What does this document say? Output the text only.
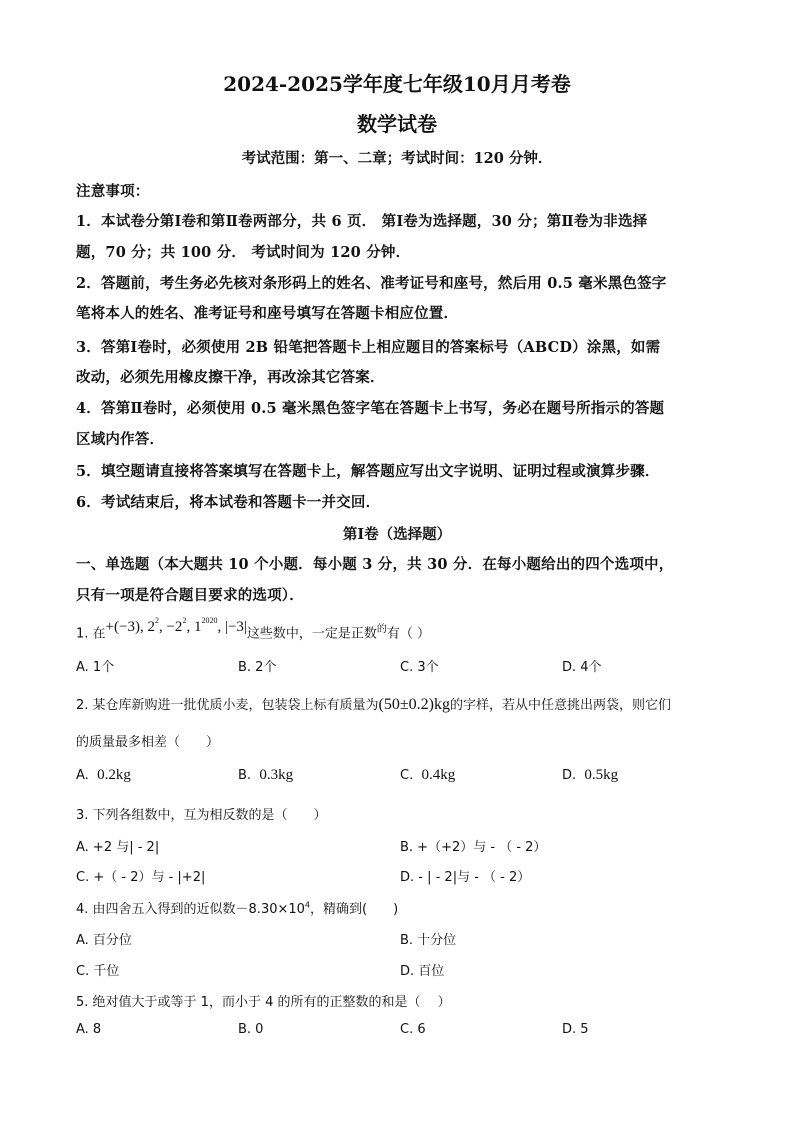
2024-2025学年度七年级10月月考卷
数学试卷
考试范围：第一、二章；考试时间：120 分钟．
注意事项：
1．本试卷分第Ⅰ卷和第Ⅱ卷两部分，共 6 页． 第Ⅰ卷为选择题，30 分；第Ⅱ卷为非选择
题，70 分；共 100 分． 考试时间为 120 分钟．
2．答题前，考生务必先核对条形码上的姓名、准考证号和座号，然后用 0.5 毫米黑色签字
笔将本人的姓名、准考证号和座号填写在答题卡相应位置．
3．答第Ⅰ卷时，必须使用 2B 铅笔把答题卡上相应题目的答案标号（ABCD）涂黑，如需
改动，必须先用橡皮擦干净，再改涂其它答案．
4．答第Ⅱ卷时，必须使用 0.5 毫米黑色签字笔在答题卡上书写，务必在题号所指示的答题
区域内作答．
5．填空题请直接将答案填写在答题卡上，解答题应写出文字说明、证明过程或演算步骤．
6．考试结束后，将本试卷和答题卡一并交回．
第Ⅰ卷（选择题）
一、单选题（本大题共 10 个小题．每小题 3 分，共 30 分．在每小题给出的四个选项中，
只有一项是符合题目要求的选项）．
1. 在+(−3), $2^2$, $-2^2$, $1^{2020}$, |−3|这些数中，一定是正数$^的$有（ ）
A. 1个	B. 2个	C. 3个	D. 4个
2. 某仓库新购进一批优质小麦，包装袋上标有质量为(50±0.2)kg的字样，若从中任意挑出两袋，则它们
的质量最多相差（　　）
A. 0.2kg	B. 0.3kg	C. 0.4kg	D. 0.5kg
3. 下列各组数中，互为相反数的是（　　）
A. +2 与| - 2|	B. +（+2）与 - （ - 2）
C. +（ - 2）与 - |+2|	D. - | - 2|与 - （ - 2）
4. 由四舍五入得到的近似数$-8.30\times 10^4$，精确到(　　)
A. 百分位	B. 十分位
C. 千位	D. 百位
5. 绝对值大于或等于 1，而小于 4 的所有的正整数的和是（　 ）
A. 8	B. 0	C. 6	D. 5
